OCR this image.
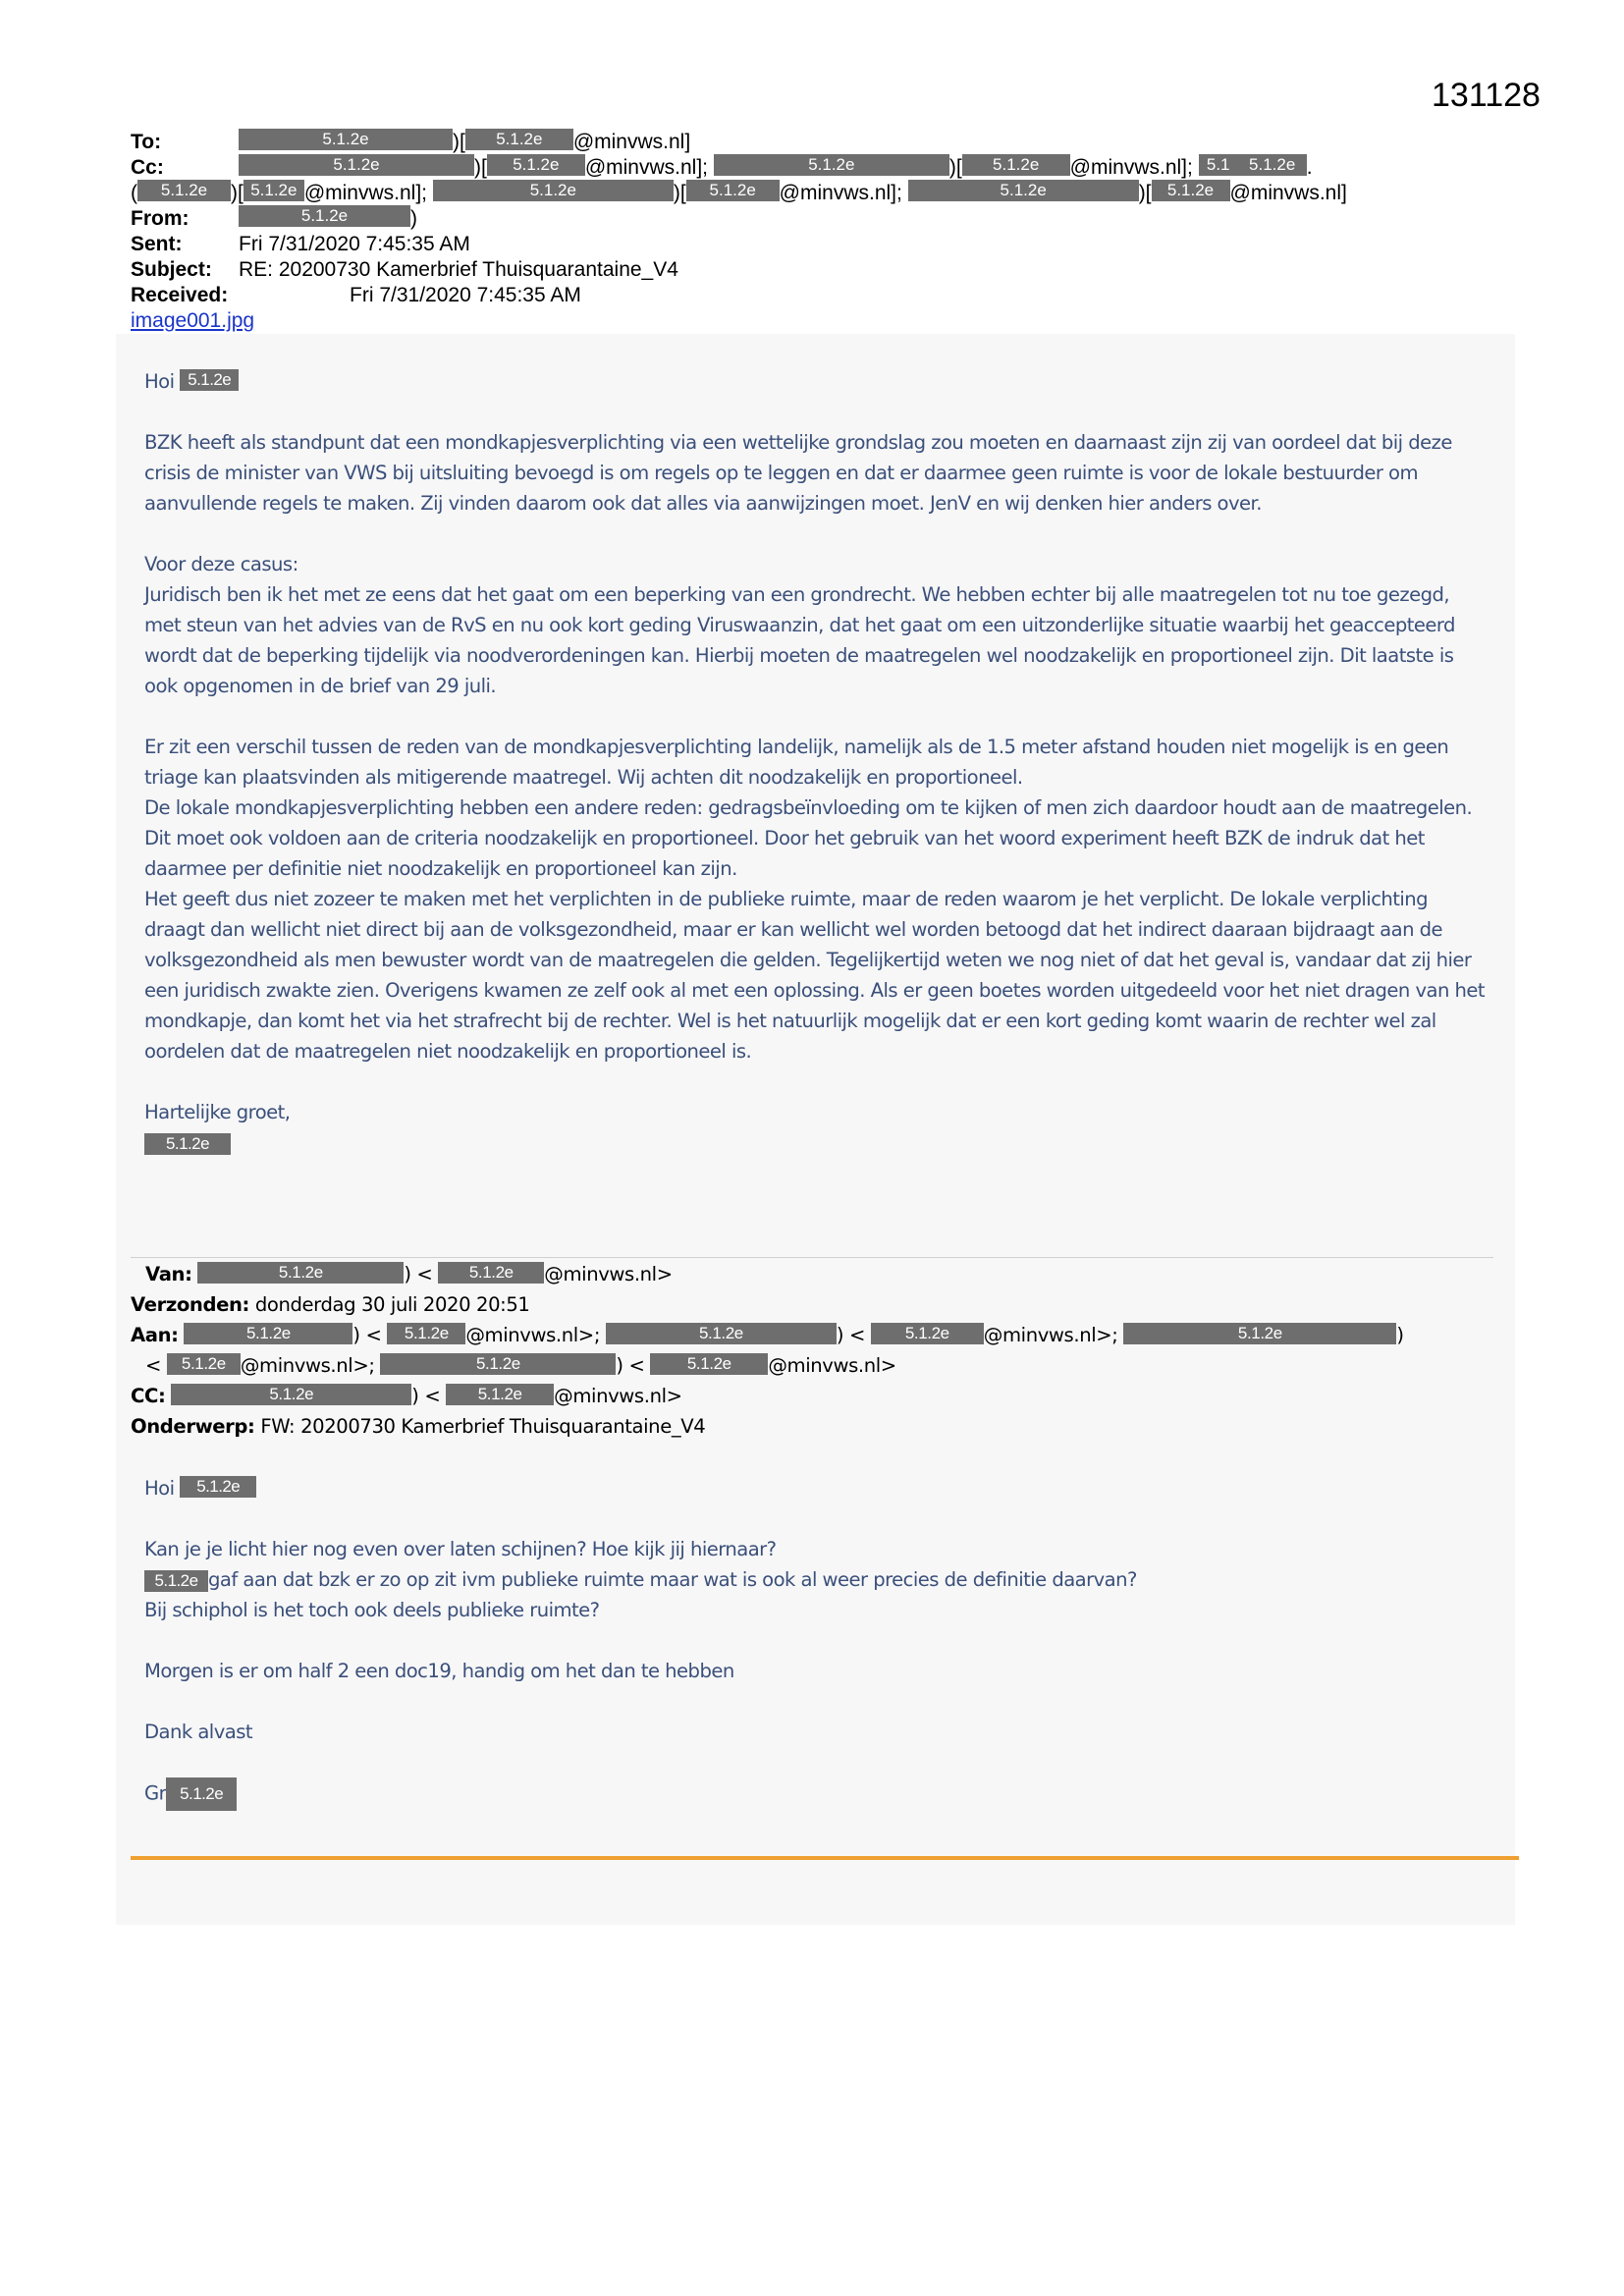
131128
To:	5.1.2e	)[ 5.1.2e @minvws.nl]
Cc:	5.1.2e	)[ 5.1.2e @minvws.nl];	5.1.2e	)[ 5.1.2e @minvws.nl]; 5.1 5.1.2e .
( 5.1.2e )[ 5.1.2e @minvws.nl];	5.1.2e	)[ 5.1.2e @minvws.nl];	5.1.2e	)[ 5.1.2e @minvws.nl]
From:	5.1.2e	)
Sent:	Fri 7/31/2020 7:45:35 AM
Subject: RE: 20200730 Kamerbrief Thuisquarantaine_V4
Received:	Fri 7/31/2020 7:45:35 AM
image001.jpg

Hoi 5.1.2e

BZK heeft als standpunt dat een mondkapjesverplichting via een wettelijke grondslag zou moeten en daarnaast zijn zij van oordeel dat bij deze crisis de minister van VWS bij uitsluiting bevoegd is om regels op te leggen en dat er daarmee geen ruimte is voor de lokale bestuurder om aanvullende regels te maken. Zij vinden daarom ook dat alles via aanwijzingen moet. JenV en wij denken hier anders over.

Voor deze casus:

Juridisch ben ik het met ze eens dat het gaat om een beperking van een grondrecht. We hebben echter bij alle maatregelen tot nu toe gezegd, met steun van het advies van de RvS en nu ook kort geding Viruswaanzin, dat het gaat om een uitzonderlijke situatie waarbij het geaccepteerd wordt dat de beperking tijdelijk via noodverordeningen kan. Hierbij moeten de maatregelen wel noodzakelijk en proportioneel zijn. Dit laatste is ook opgenomen in de brief van 29 juli.

Er zit een verschil tussen de reden van de mondkapjesverplichting landelijk, namelijk als de 1.5 meter afstand houden niet mogelijk is en geen triage kan plaatsvinden als mitigerende maatregel. Wij achten dit noodzakelijk en proportioneel.

De lokale mondkapjesverplichting hebben een andere reden: gedragsbeïnvloeding om te kijken of men zich daardoor houdt aan de maatregelen. Dit moet ook voldoen aan de criteria noodzakelijk en proportioneel. Door het gebruik van het woord experiment heeft BZK de indruk dat het daarmee per definitie niet noodzakelijk en proportioneel kan zijn.

Het geeft dus niet zozeer te maken met het verplichten in de publieke ruimte, maar de reden waarom je het verplicht. De lokale verplichting draagt dan wellicht niet direct bij aan de volksgezondheid, maar er kan wellicht wel worden betoogd dat het indirect daaraan bijdraagt aan de volksgezondheid als men bewuster wordt van de maatregelen die gelden. Tegelijkertijd weten we nog niet of dat het geval is, vandaar dat zij hier een juridisch zwakte zien. Overigens kwamen ze zelf ook al met een oplossing. Als er geen boetes worden uitgedeeld voor het niet dragen van het mondkapje, dan komt het via het strafrecht bij de rechter. Wel is het natuurlijk mogelijk dat er een kort geding komt waarin de rechter wel zal oordelen dat de maatregelen niet noodzakelijk en proportioneel is.

Hartelijke groet,

5.1.2e

Van:	5.1.2e	) < 5.1.2e @minvws.nl>
Verzonden: donderdag 30 juli 2020 20:51
Aan:	5.1.2e	) < 5.1.2e @minvws.nl>;	5.1.2e	) < 5.1.2e @minvws.nl>;	5.1.2e	)
< 5.1.2e @minvws.nl>;	5.1.2e	) < 5.1.2e @minvws.nl>
CC:	5.1.2e	) < 5.1.2e @minvws.nl>
Onderwerp: FW: 20200730 Kamerbrief Thuisquarantaine_V4

Hoi 5.1.2e

Kan je je licht hier nog even over laten schijnen? Hoe kijk jij hiernaar?

5.1.2e gaf aan dat bzk er zo op zit ivm publieke ruimte maar wat is ook al weer precies de definitie daarvan?

Bij schiphol is het toch ook deels publieke ruimte?

Morgen is er om half 2 een doc19, handig om het dan te hebben

Dank alvast

Gr 5.1.2e
